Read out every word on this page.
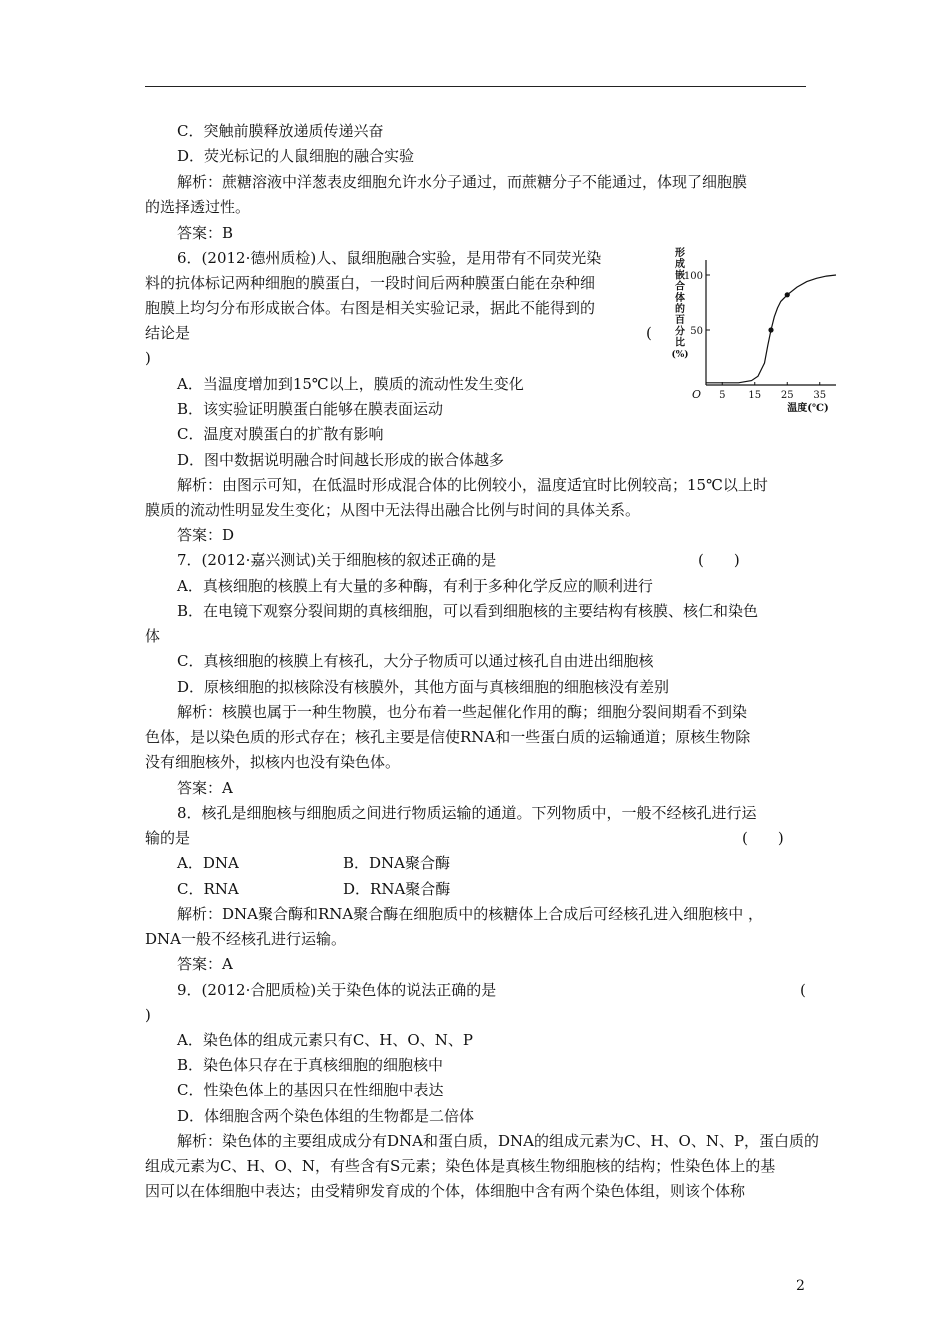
C．突触前膜释放递质传递兴奋
D．荧光标记的人鼠细胞的融合实验
解析：蔗糖溶液中洋葱表皮细胞允许水分子通过，而蔗糖分子不能通过，体现了细胞膜
的选择透过性。
答案：B
6．(2012·德州质检)人、鼠细胞融合实验，是用带有不同荧光染
料的抗体标记两种细胞的膜蛋白，一段时间后两种膜蛋白能在杂种细
胞膜上均匀分布形成嵌合体。右图是相关实验记录，据此不能得到的
结论是	(
)
A．当温度增加到15℃以上，膜质的流动性发生变化
B．该实验证明膜蛋白能够在膜表面运动
C．温度对膜蛋白的扩散有影响
D．图中数据说明融合时间越长形成的嵌合体越多
解析：由图示可知，在低温时形成混合体的比例较小，温度适宜时比例较高；15℃以上时
膜质的流动性明显发生变化；从图中无法得出融合比例与时间的具体关系。
答案：D
7．(2012·嘉兴测试)关于细胞核的叙述正确的是	(　　)
A．真核细胞的核膜上有大量的多种酶，有利于多种化学反应的顺利进行
B．在电镜下观察分裂间期的真核细胞，可以看到细胞核的主要结构有核膜、核仁和染色
体
C．真核细胞的核膜上有核孔，大分子物质可以通过核孔自由进出细胞核
D．原核细胞的拟核除没有核膜外，其他方面与真核细胞的细胞核没有差别
解析：核膜也属于一种生物膜，也分布着一些起催化作用的酶；细胞分裂间期看不到染
色体，是以染色质的形式存在；核孔主要是信使RNA和一些蛋白质的运输通道；原核生物除
没有细胞核外，拟核内也没有染色体。
答案：A
8．核孔是细胞核与细胞质之间进行物质运输的通道。下列物质中，一般不经核孔进行运
输的是	(　　)
A．DNA	B．DNA聚合酶
C．RNA	D．RNA聚合酶
解析：DNA聚合酶和RNA聚合酶在细胞质中的核糖体上合成后可经核孔进入细胞核中 ，
DNA一般不经核孔进行运输。
答案：A
9．(2012·合肥质检)关于染色体的说法正确的是	(
)
A．染色体的组成元素只有C、H、O、N、P
B．染色体只存在于真核细胞的细胞核中
C．性染色体上的基因只在性细胞中表达
D．体细胞含两个染色体组的生物都是二倍体
解析：染色体的主要组成成分有DNA和蛋白质，DNA的组成元素为C、H、O、N、P，蛋白质的
组成元素为C、H、O、N，有些含有S元素；染色体是真核生物细胞核的结构；性染色体上的基
因可以在体细胞中表达；由受精卵发育成的个体，体细胞中含有两个染色体组，则该个体称
2
形
成
嵌
合
体
的
百
分
比
(%)
50
100
5 15 25 35
O
温度(℃)
